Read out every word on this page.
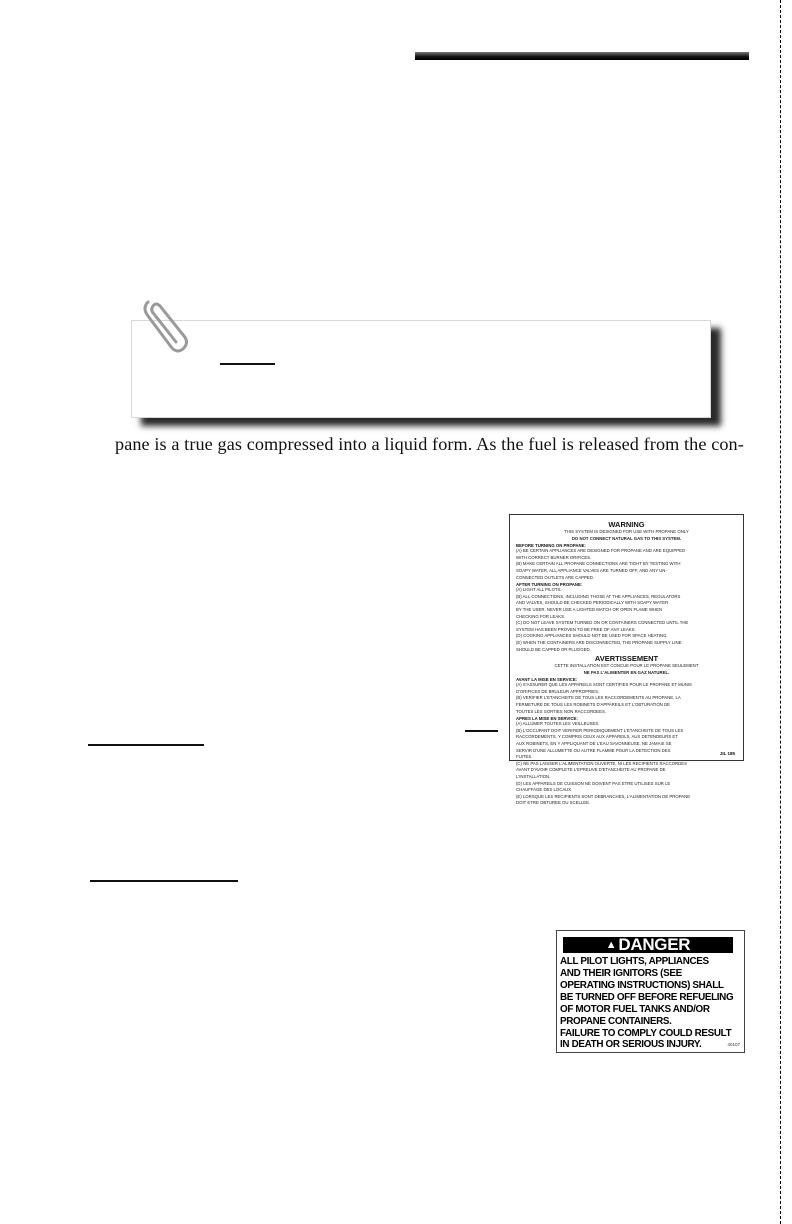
pane is a true gas compressed into a liquid form. As the fuel is released from the con-

WARNING
THIS SYSTEM IS DESIGNED FOR USE WITH PROPANE ONLY
DO NOT CONNECT NATURAL GAS TO THIS SYSTEM.
BEFORE TURNING ON PROPANE:
(A) BE CERTAIN APPLIANCES ARE DESIGNED FOR PROPANE AND ARE EQUIPPED
WITH CORRECT BURNER ORIFICES.
(B) MAKE CERTAIN ALL PROPANE CONNECTIONS ARE TIGHT BY TESTING WITH
SOAPY WATER, ALL APPLIANCE VALVES ARE TURNED OFF, AND ANY UN-
CONNECTED OUTLETS ARE CAPPED.
AFTER TURNING ON PROPANE:
(A) LIGHT ALL PILOTS.
(B) ALL CONNECTIONS, INCLUDING THOSE AT THE APPLIANCES, REGULATORS
AND VALVES, SHOULD BE CHECKED PERIODICALLY WITH SOAPY WATER
BY THE USER. NEVER USE A LIGHTED MATCH OR OPEN FLAME WHEN
CHECKING FOR LEAKS.
(C) DO NOT LEAVE SYSTEM TURNED ON OR CONTAINERS CONNECTED UNTIL THE
SYSTEM HAS BEEN PROVEN TO BE FREE OF ANY LEAKS.
(D) COOKING APPLIANCES SHOULD NOT BE USED FOR SPACE HEATING.
(E) WHEN THE CONTAINERS ARE DISCONNECTED, THE PROPANE SUPPLY LINE
SHOULD BE CAPPED OR PLUGGED.
AVERTISSEMENT
CETTE INSTALLATION EST CONCUE POUR LE PROPANE SEULEMENT
NE PAS L'ALIMENTER EN GAZ NATUREL.
AVANT LA MISE EN SERVICE:
(A) S'ASSURER QUE LES APPAREILS SONT CERTIFIES POUR LE PROPANE ET MUNIS
D'ORIFICES DE BRULEUR APPROPRIES.
(B) VERIFIER L'ETANCHEITE DE TOUS LES RACCORDEMENTS AU PROPANE, LA
FERMETURE DE TOUS LES ROBINETS D'APPAREILS ET L'OBTURATION DE
TOUTES LES SORTIES NON RACCORDEES.
APRES LA MISE EN SERVICE:
(A) ALLUMER TOUTES LES VEILLEUSES.
(B) L'OCCUPANT DOIT VERIFIER PERIODIQUEMENT L'ETANCHEITE DE TOUS LES
RACCORDEMENTS, Y COMPRIS CEUX AUX APPAREILS, AUX DETENDEURS ET
AUX ROBINETS, EN Y APPLIQUANT DE L'EAU SAVONNEUSE. NE JAMAIS SE
SERVIR D'UNE ALLUMETTE OU AUTRE FLAMME POUR LA DETECTION DES
FUITES.
(C) NE PAS LAISSER L'ALIMENTATION OUVERTE, NI LES RECIPIENTS RACCORDES
AVANT D'AVOIR COMPLETE L'EPREUVE D'ETANCHEITE AU PROPANE DE
L'INSTALLATION.
(D) LES APPAREILS DE CUISSON NE DOIVENT PAS ETRE UTILISES SUR LE
CHAUFFAGE DES LOCAUX.
(E) LORSQUE LES RECIPIENTS SONT DEBRANCHES, L'ALIMENTATION DE PROPANE
DOIT ETRE OBTUREE OU SCELLEE.
JIL 185
▲ DANGER
ALL PILOT LIGHTS, APPLIANCES
AND THEIR IGNITORS (SEE
OPERATING INSTRUCTIONS) SHALL
BE TURNED OFF BEFORE REFUELING
OF MOTOR FUEL TANKS AND/OR
PROPANE CONTAINERS.
FAILURE TO COMPLY COULD RESULT
IN DEATH OR SERIOUS INJURY.	40107
